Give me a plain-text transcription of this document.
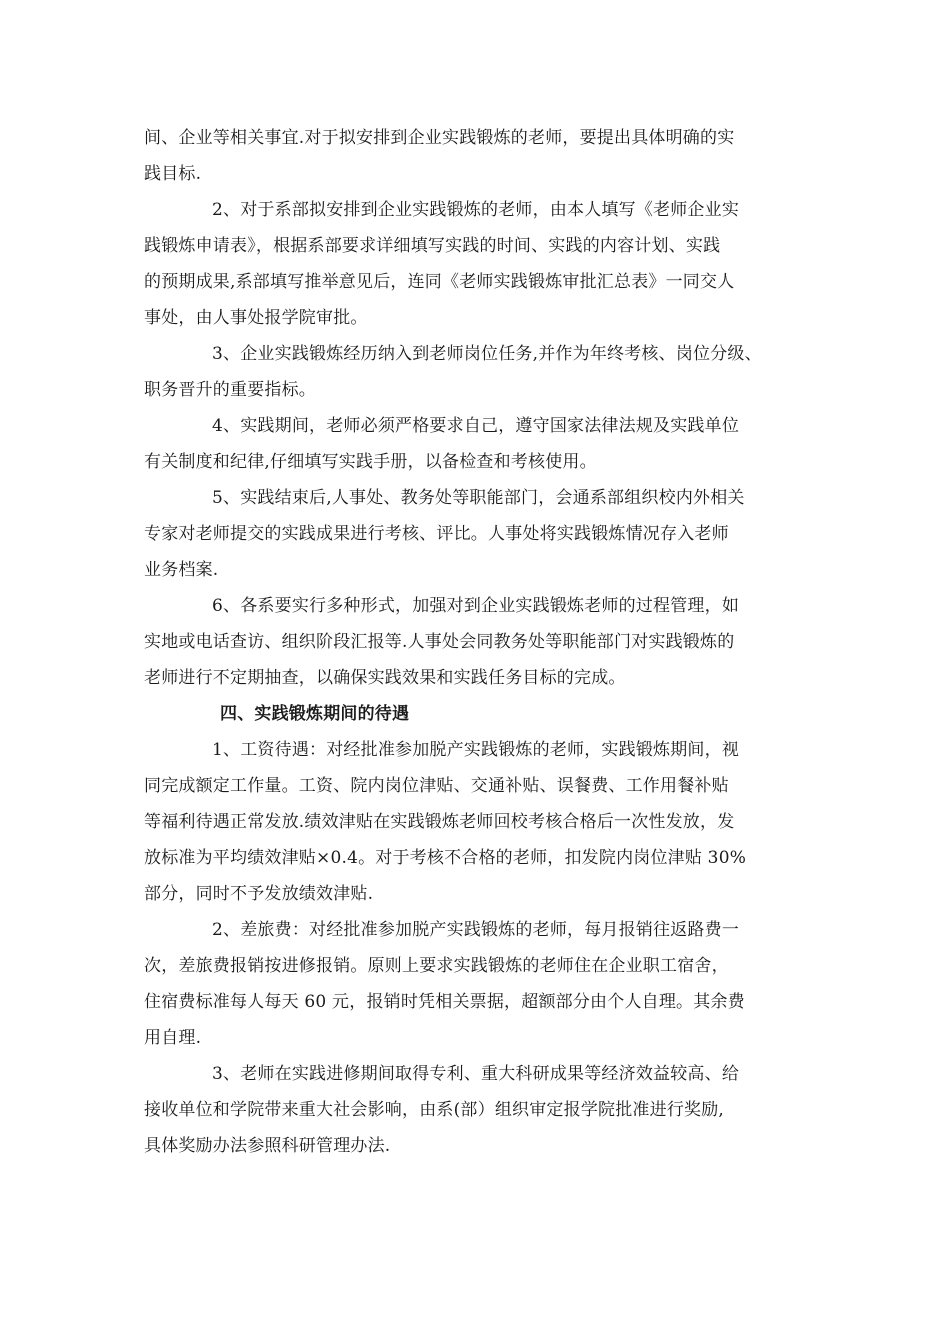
间、企业等相关事宜.对于拟安排到企业实践锻炼的老师，要提出具体明确的实
践目标.
2、对于系部拟安排到企业实践锻炼的老师，由本人填写《老师企业实
践锻炼申请表》，根据系部要求详细填写实践的时间、实践的内容计划、实践
的预期成果,系部填写推举意见后，连同《老师实践锻炼审批汇总表》一同交人
事处，由人事处报学院审批。
3、企业实践锻炼经历纳入到老师岗位任务,并作为年终考核、岗位分级、
职务晋升的重要指标。
4、实践期间，老师必须严格要求自己，遵守国家法律法规及实践单位
有关制度和纪律,仔细填写实践手册，以备检查和考核使用。
5、实践结束后,人事处、教务处等职能部门，会通系部组织校内外相关
专家对老师提交的实践成果进行考核、评比。人事处将实践锻炼情况存入老师
业务档案.
6、各系要实行多种形式，加强对到企业实践锻炼老师的过程管理，如
实地或电话查访、组织阶段汇报等.人事处会同教务处等职能部门对实践锻炼的
老师进行不定期抽查，以确保实践效果和实践任务目标的完成。
四、实践锻炼期间的待遇
1、工资待遇：对经批准参加脱产实践锻炼的老师，实践锻炼期间，视
同完成额定工作量。工资、院内岗位津贴、交通补贴、误餐费、工作用餐补贴
等福利待遇正常发放.绩效津贴在实践锻炼老师回校考核合格后一次性发放，发
放标准为平均绩效津贴×0.4。对于考核不合格的老师，扣发院内岗位津贴 30%
部分，同时不予发放绩效津贴.
2、差旅费：对经批准参加脱产实践锻炼的老师，每月报销往返路费一
次，差旅费报销按进修报销。原则上要求实践锻炼的老师住在企业职工宿舍，
住宿费标准每人每天 60 元，报销时凭相关票据，超额部分由个人自理。其余费
用自理.
3、老师在实践进修期间取得专利、重大科研成果等经济效益较高、给
接收单位和学院带来重大社会影响，由系(部）组织审定报学院批准进行奖励,
具体奖励办法参照科研管理办法.
